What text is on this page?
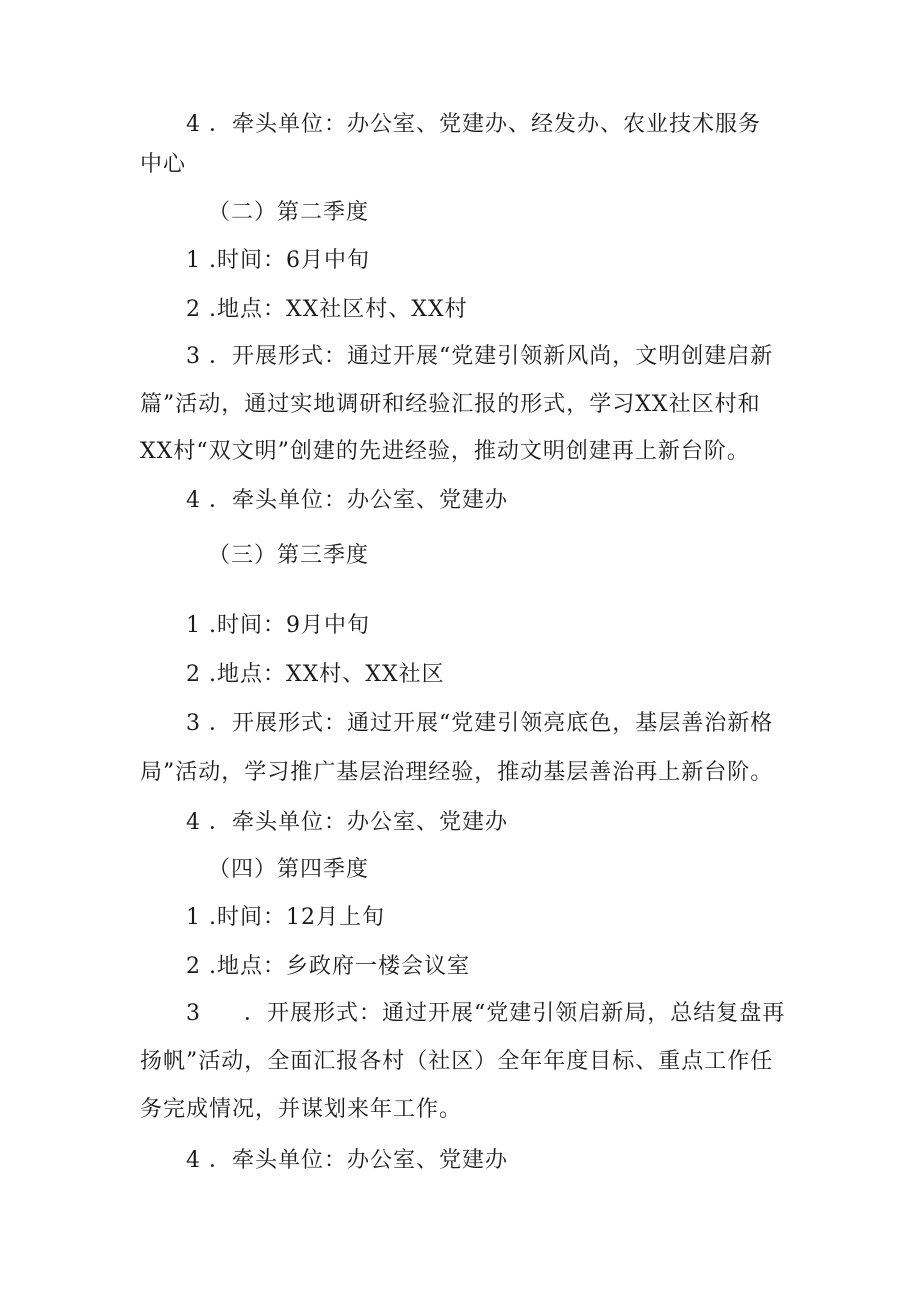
4 ．牵头单位：办公室、党建办、经发办、农业技术服务
中心
（二）第二季度
1 .时间：6月中旬
2 .地点：XX社区村、XX村
3 ．开展形式：通过开展“党建引领新风尚，文明创建启新
篇”活动，通过实地调研和经验汇报的形式，学习XX社区村和
XX村“双文明”创建的先进经验，推动文明创建再上新台阶。
4 ．牵头单位：办公室、党建办
（三）第三季度
1 .时间：9月中旬
2 .地点：XX村、XX社区
3 ．开展形式：通过开展“党建引领亮底色，基层善治新格
局”活动，学习推广基层治理经验，推动基层善治再上新台阶。
4 ．牵头单位：办公室、党建办
（四）第四季度
1 .时间：12月上旬
2 .地点：乡政府一楼会议室
3 ．开展形式：通过开展“党建引领启新局，总结复盘再
扬帆”活动，全面汇报各村（社区）全年年度目标、重点工作任
务完成情况，并谋划来年工作。
4 ．牵头单位：办公室、党建办
